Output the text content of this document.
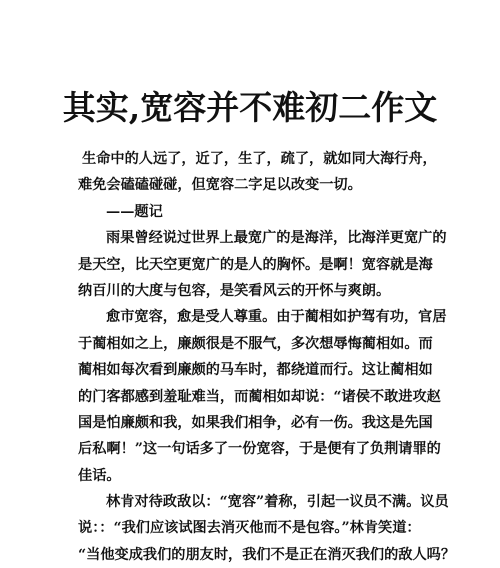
其实,宽容并不难初二作文
生命中的人远了，近了，生了，疏了，就如同大海行舟，
难免会磕磕碰碰，但宽容二字足以改变一切。
——题记
雨果曾经说过世界上最宽广的是海洋，比海洋更宽广的
是天空，比天空更宽广的是人的胸怀。是啊！宽容就是海
纳百川的大度与包容，是笑看风云的开怀与爽朗。
愈市宽容，愈是受人尊重。由于蔺相如护驾有功，官居
于蔺相如之上，廉颇很是不服气，多次想辱悔蔺相如。而
蔺相如每次看到廉颇的马车时，都绕道而行。这让蔺相如
的门客都感到羞耻难当，而蔺相如却说：“诸侯不敢进攻赵
国是怕廉颇和我，如果我们相争，必有一伤。我这是先国
后私啊！”这一句话多了一份宽容，于是便有了负荆请罪的
佳话。
林肯对待政敌以：“宽容”着称，引起一议员不满。议员
说：：“我们应该试图去消灭他而不是包容。”林肯笑道：
“当他变成我们的朋友时，我们不是正在消灭我们的敌人吗？
